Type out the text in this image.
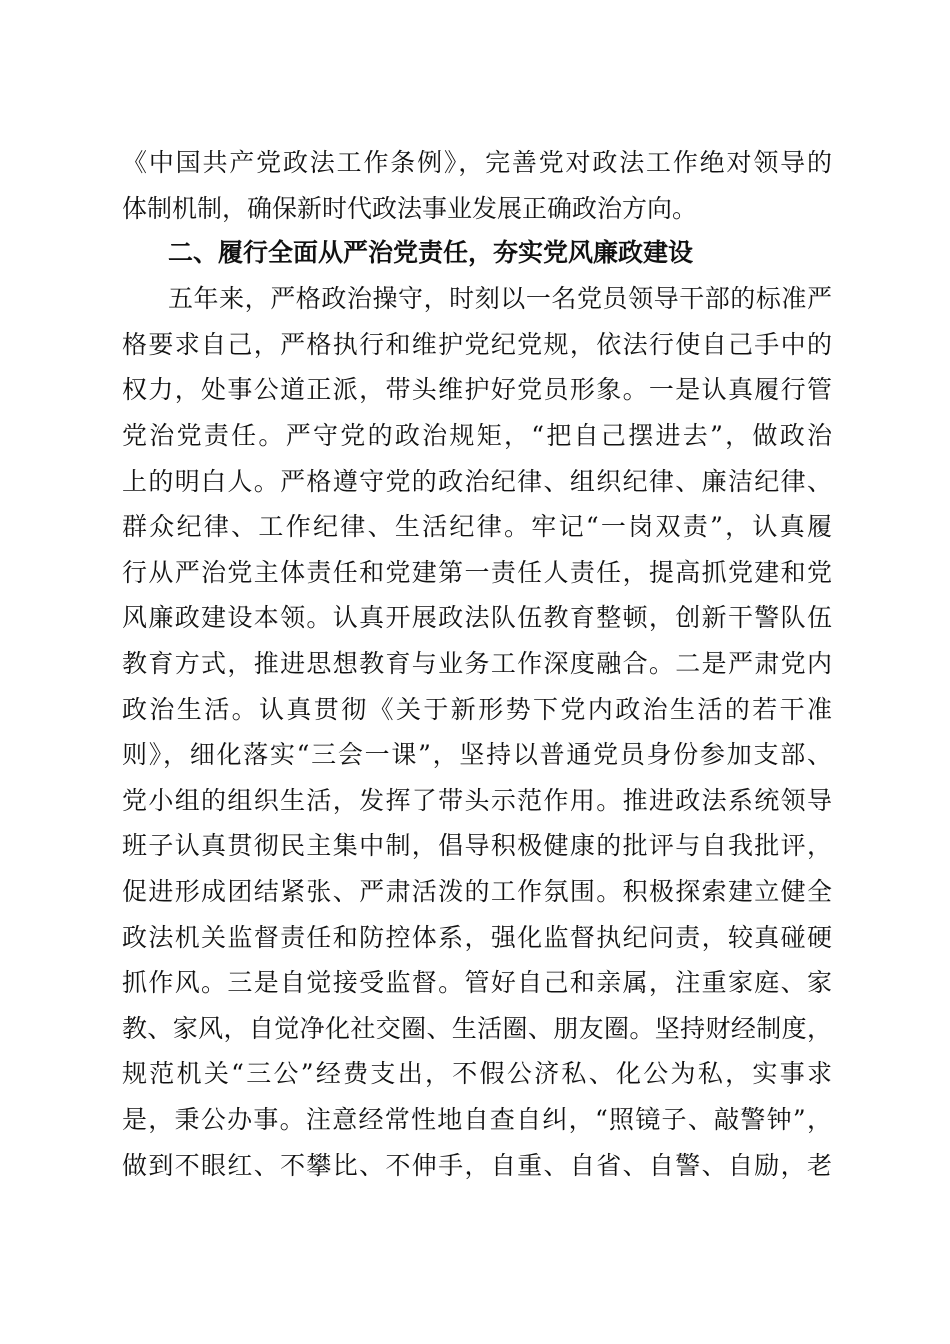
《中国共产党政法工作条例》，完善党对政法工作绝对领导的
体制机制，确保新时代政法事业发展正确政治方向。
二、履行全面从严治党责任，夯实党风廉政建设
五年来，严格政治操守，时刻以一名党员领导干部的标准严
格要求自己，严格执行和维护党纪党规，依法行使自己手中的
权力，处事公道正派，带头维护好党员形象。一是认真履行管
党治党责任。严守党的政治规矩，“把自己摆进去”，做政治
上的明白人。严格遵守党的政治纪律、组织纪律、廉洁纪律、
群众纪律、工作纪律、生活纪律。牢记“一岗双责”，认真履
行从严治党主体责任和党建第一责任人责任，提高抓党建和党
风廉政建设本领。认真开展政法队伍教育整顿，创新干警队伍
教育方式，推进思想教育与业务工作深度融合。二是严肃党内
政治生活。认真贯彻《关于新形势下党内政治生活的若干准
则》，细化落实“三会一课”，坚持以普通党员身份参加支部、
党小组的组织生活，发挥了带头示范作用。推进政法系统领导
班子认真贯彻民主集中制，倡导积极健康的批评与自我批评，
促进形成团结紧张、严肃活泼的工作氛围。积极探索建立健全
政法机关监督责任和防控体系，强化监督执纪问责，较真碰硬
抓作风。三是自觉接受监督。管好自己和亲属，注重家庭、家
教、家风，自觉净化社交圈、生活圈、朋友圈。坚持财经制度，
规范机关“三公”经费支出，不假公济私、化公为私，实事求
是，秉公办事。注意经常性地自查自纠，“照镜子、敲警钟”，
做到不眼红、不攀比、不伸手，自重、自省、自警、自励，老
